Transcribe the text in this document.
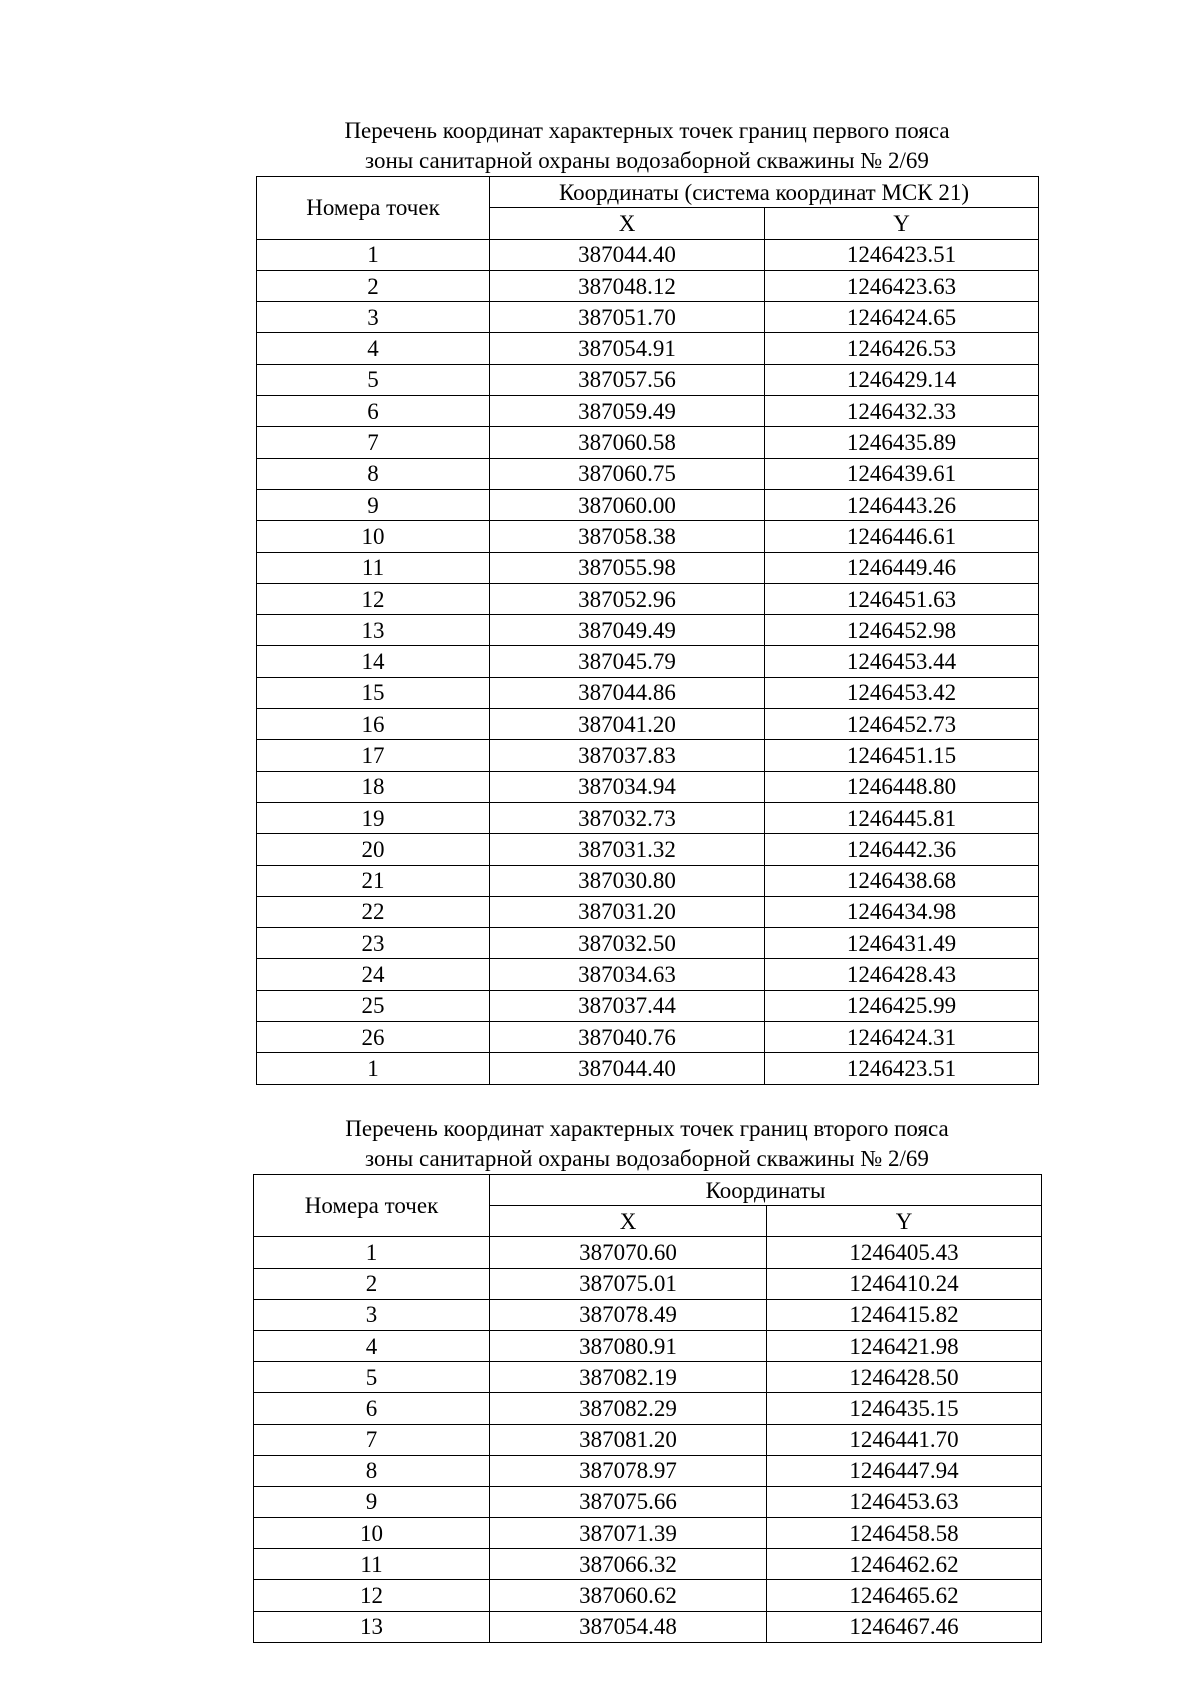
Перечень координат характерных точек границ первого пояса

зоны санитарной охраны водозаборной скважины № 2/69

Номера точек	Координаты (система координат МСК 21)	
	X	Y
1	387044.40	1246423.51
2	387048.12	1246423.63
3	387051.70	1246424.65
4	387054.91	1246426.53
5	387057.56	1246429.14
6	387059.49	1246432.33
7	387060.58	1246435.89
8	387060.75	1246439.61
9	387060.00	1246443.26
10	387058.38	1246446.61
11	387055.98	1246449.46
12	387052.96	1246451.63
13	387049.49	1246452.98
14	387045.79	1246453.44
15	387044.86	1246453.42
16	387041.20	1246452.73
17	387037.83	1246451.15
18	387034.94	1246448.80
19	387032.73	1246445.81
20	387031.32	1246442.36
21	387030.80	1246438.68
22	387031.20	1246434.98
23	387032.50	1246431.49
24	387034.63	1246428.43
25	387037.44	1246425.99
26	387040.76	1246424.31
1	387044.40	1246423.51

Перечень координат характерных точек границ второго пояса

зоны санитарной охраны водозаборной скважины № 2/69

Номера точек	Координаты	
	X	Y
1	387070.60	1246405.43
2	387075.01	1246410.24
3	387078.49	1246415.82
4	387080.91	1246421.98
5	387082.19	1246428.50
6	387082.29	1246435.15
7	387081.20	1246441.70
8	387078.97	1246447.94
9	387075.66	1246453.63
10	387071.39	1246458.58
11	387066.32	1246462.62
12	387060.62	1246465.62
13	387054.48	1246467.46
